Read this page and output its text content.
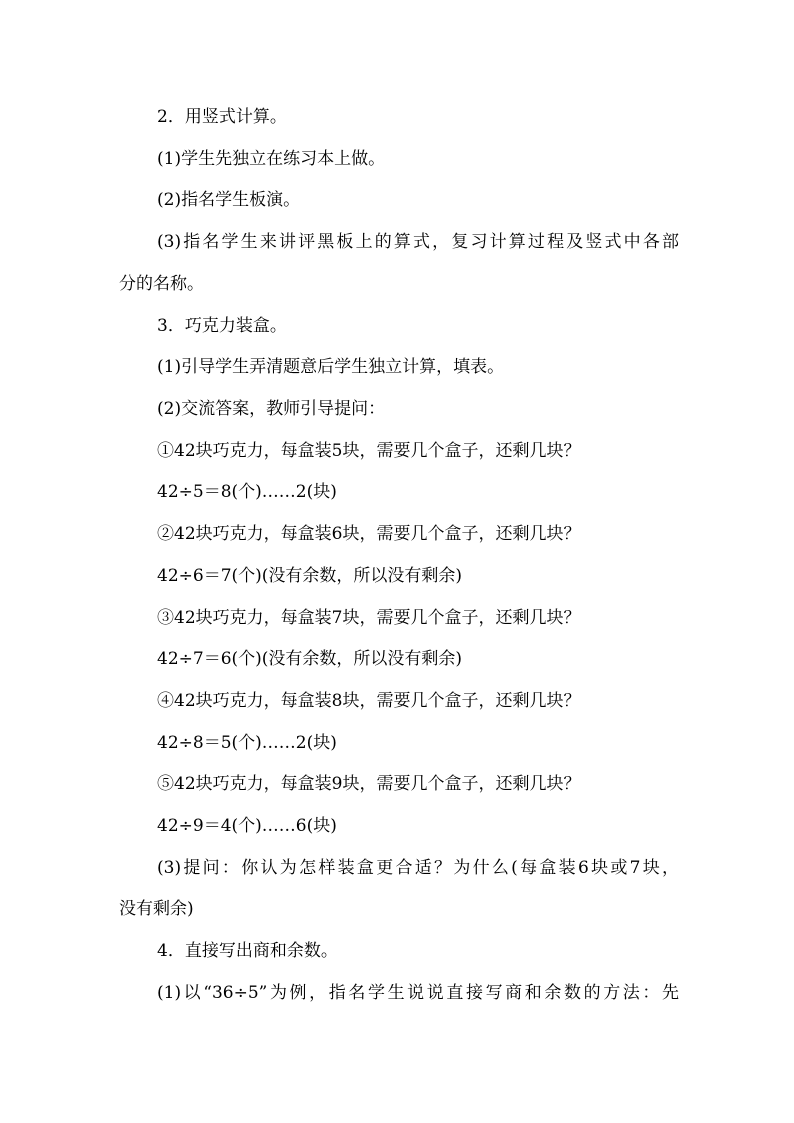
2．用竖式计算。
(1)学生先独立在练习本上做。
(2)指名学生板演。
(3)指名学生来讲评黑板上的算式，复习计算过程及竖式中各部
分的名称。
3．巧克力装盒。
(1)引导学生弄清题意后学生独立计算，填表。
(2)交流答案，教师引导提问：
①42块巧克力，每盒装5块，需要几个盒子，还剩几块？
42÷5＝8(个)……2(块)
②42块巧克力，每盒装6块，需要几个盒子，还剩几块？
42÷6＝7(个)(没有余数，所以没有剩余)
③42块巧克力，每盒装7块，需要几个盒子，还剩几块？
42÷7＝6(个)(没有余数，所以没有剩余)
④42块巧克力，每盒装8块，需要几个盒子，还剩几块？
42÷8＝5(个)……2(块)
⑤42块巧克力，每盒装9块，需要几个盒子，还剩几块？
42÷9＝4(个)……6(块)
(3)提问：你认为怎样装盒更合适？为什么(每盒装6块或7块，
没有剩余)
4．直接写出商和余数。
(1)以“36÷5”为例，指名学生说说直接写商和余数的方法：先
